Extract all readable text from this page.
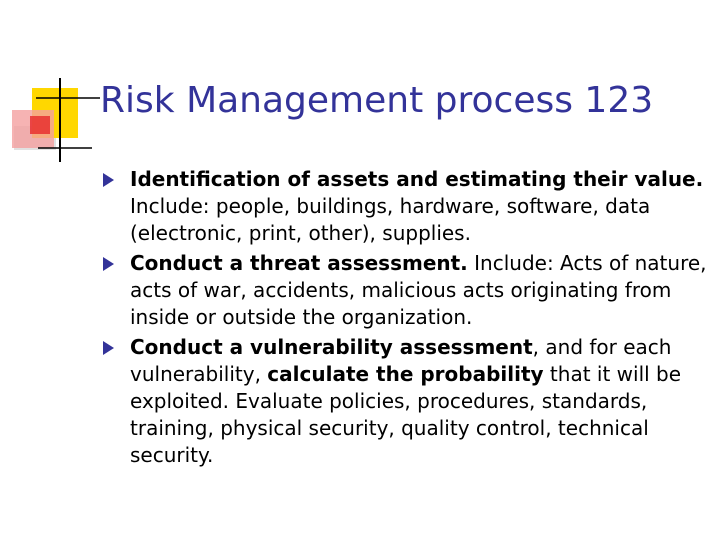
Risk Management process 123
Identification of assets and estimating their value. Include: people, buildings, hardware, software, data (electronic, print, other), supplies.
Conduct a threat assessment. Include: Acts of nature, acts of war, accidents, malicious acts originating from inside or outside the organization.
Conduct a vulnerability assessment, and for each vulnerability, calculate the probability that it will be exploited. Evaluate policies, procedures, standards, training, physical security, quality control, technical security.
